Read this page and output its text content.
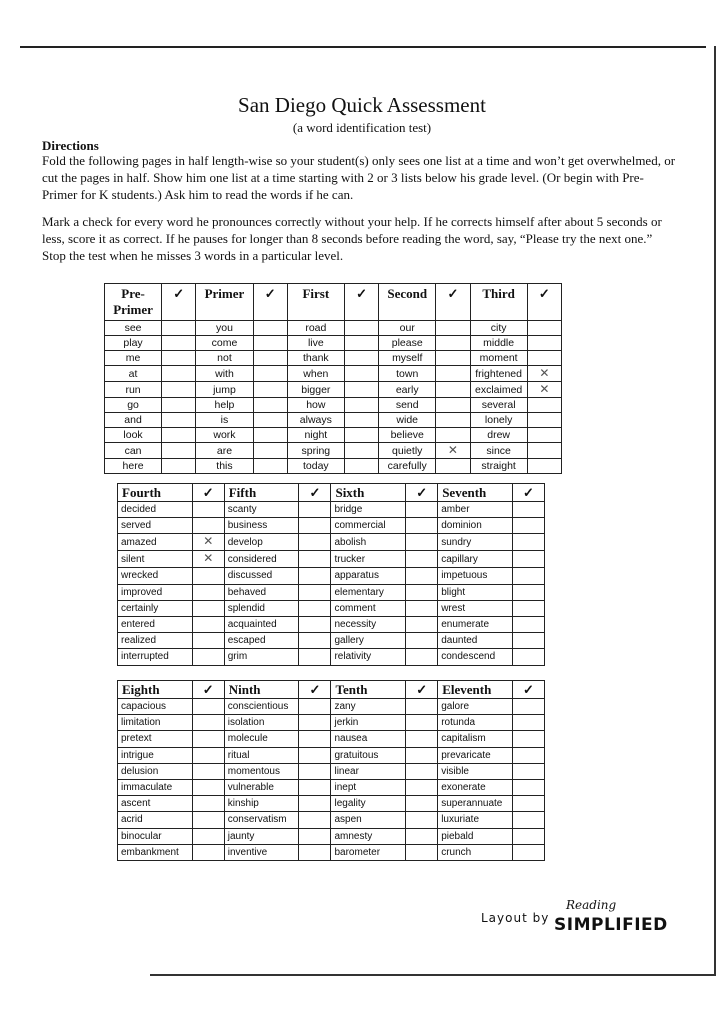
San Diego Quick Assessment
(a word identification test)
Directions
Fold the following pages in half length-wise so your student(s) only sees one list at a time and won’t get overwhelmed, or cut the pages in half. Show him one list at a time starting with 2 or 3 lists below his grade level. (Or begin with Pre-Primer for K students.) Ask him to read the words if he can.
Mark a check for every word he pronounces correctly without your help. If he corrects himself after about 5 seconds or less, score it as correct. If he pauses for longer than 8 seconds before reading the word, say, “Please try the next one.” Stop the test when he misses 3 words in a particular level.
Pre-Primer	✓	Primer	✓	First	✓	Second	✓	Third	✓
see		you		road		our		city	
play		come		live		please		middle	
me		not		thank		myself		moment	
at		with		when		town		frightened	✕
run		jump		bigger		early		exclaimed	✕
go		help		how		send		several	
and		is		always		wide		lonely	
look		work		night		believe		drew	
can		are		spring		quietly	✕	since	
here		this		today		carefully		straight	
Fourth	✓	Fifth	✓	Sixth	✓	Seventh	✓
decided		scanty		bridge		amber	
served		business		commercial		dominion	
amazed	✕	develop		abolish		sundry	
silent	✕	considered		trucker		capillary	
wrecked		discussed		apparatus		impetuous	
improved		behaved		elementary		blight	
certainly		splendid		comment		wrest	
entered		acquainted		necessity		enumerate	
realized		escaped		gallery		daunted	
interrupted		grim		relativity		condescend	
Eighth	✓	Ninth	✓	Tenth	✓	Eleventh	✓
capacious		conscientious		zany		galore	
limitation		isolation		jerkin		rotunda	
pretext		molecule		nausea		capitalism	
intrigue		ritual		gratuitous		prevaricate	
delusion		momentous		linear		visible	
immaculate		vulnerable		inept		exonerate	
ascent		kinship		legality		superannuate	
acrid		conservatism		aspen		luxuriate	
binocular		jaunty		amnesty		piebald	
embankment		inventive		barometer		crunch	
Layout by
Reading
SIMPLIFIED
